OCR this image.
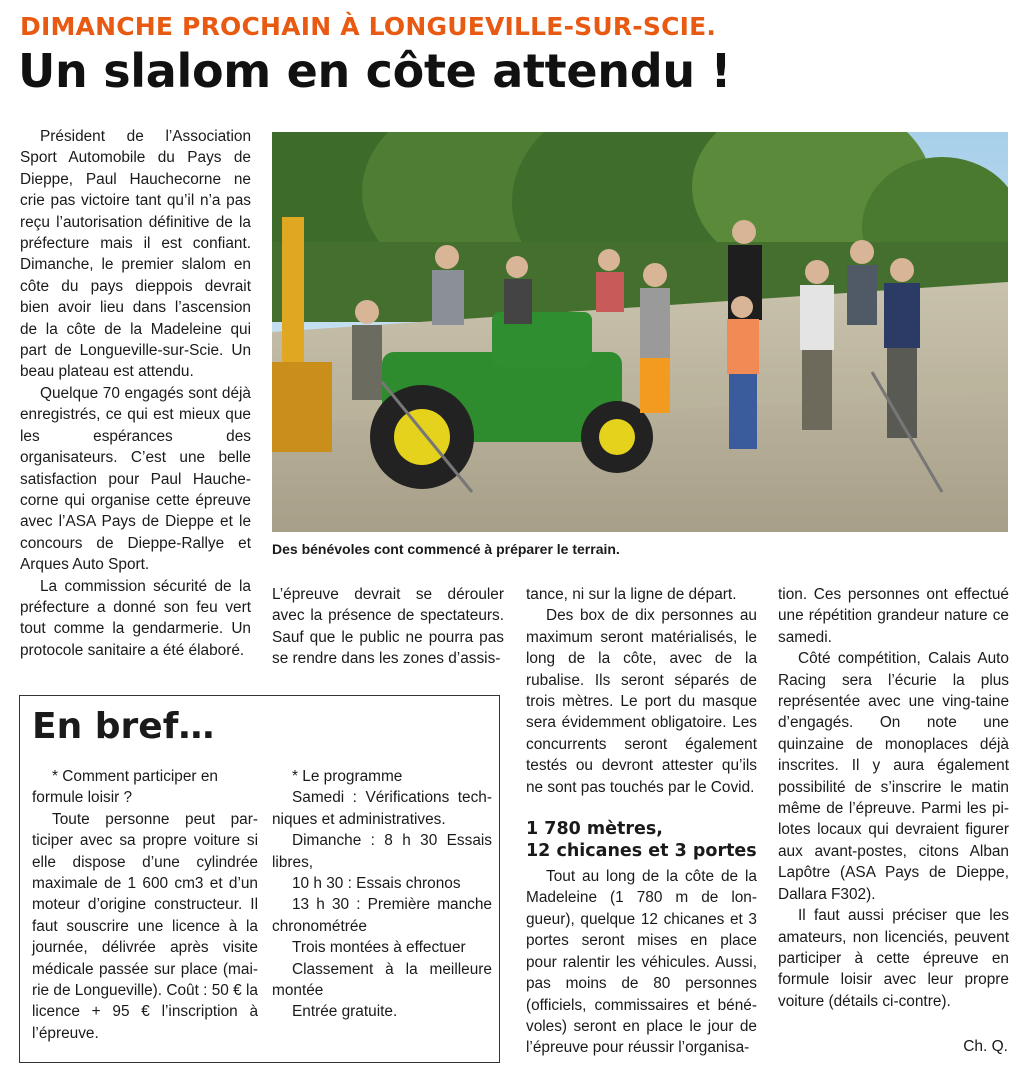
DIMANCHE PROCHAIN À LONGUEVILLE-SUR-SCIE.
Un slalom en côte attendu !

Président de l’Association Sport Automobile du Pays de Dieppe, Paul Hauchecorne ne crie pas victoire tant qu’il n’a pas reçu l’autorisation définitive de la préfecture mais il est confiant. Dimanche, le premier slalom en côte du pays dieppois devrait bien avoir lieu dans l’ascension de la côte de la Madeleine qui part de Longueville-sur-Scie. Un beau plateau est attendu.

Quelque 70 engagés sont déjà enregistrés, ce qui est mieux que les espérances des organisateurs. C’est une belle satisfaction pour Paul Hauche-corne qui organise cette épreuve avec l’ASA Pays de Dieppe et le concours de Dieppe-Rallye et Arques Auto Sport.

La commission sécurité de la préfecture a donné son feu vert tout comme la gendarmerie. Un protocole sanitaire a été élaboré.

Des bénévoles cont commencé à préparer le terrain.

L’épreuve devrait se dérouler avec la présence de spectateurs. Sauf que le public ne pourra pas se rendre dans les zones d’assis-

tance, ni sur la ligne de départ.

Des box de dix personnes au maximum seront matérialisés, le long de la côte, avec de la rubalise. Ils seront séparés de trois mètres. Le port du masque sera évidemment obligatoire. Les concurrents seront également testés ou devront attester qu’ils ne sont pas touchés par le Covid.

1 780 mètres,
12 chicanes et 3 portes

Tout au long de la côte de la Madeleine (1 780 m de lon-gueur), quelque 12 chicanes et 3 portes seront mises en place pour ralentir les véhicules. Aussi, pas moins de 80 personnes (officiels, commissaires et béné-voles) seront en place le jour de l’épreuve pour réussir l’organisa-

tion. Ces personnes ont effectué une répétition grandeur nature ce samedi.

Côté compétition, Calais Auto Racing sera l’écurie la plus représentée avec une ving-taine d’engagés. On note une quinzaine de monoplaces déjà inscrites. Il y aura également possibilité de s’inscrire le matin même de l’épreuve. Parmi les pi-lotes locaux qui devraient figurer aux avant-postes, citons Alban Lapôtre (ASA Pays de Dieppe, Dallara F302).

Il faut aussi préciser que les amateurs, non licenciés, peuvent participer à cette épreuve en formule loisir avec leur propre voiture (détails ci-contre).

Ch. Q.
En bref…

* Comment participer en formule loisir ?

Toute personne peut par-ticiper avec sa propre voiture si elle dispose d’une cylindrée maximale de 1 600 cm3 et d’un moteur d’origine constructeur. Il faut souscrire une licence à la journée, délivrée après visite médicale passée sur place (mai-rie de Longueville). Coût : 50 € la licence + 95 € l’inscription à l’épreuve.

* Le programme

Samedi : Vérifications tech-niques et administratives.

Dimanche : 8 h 30 Essais libres,

10 h 30 : Essais chronos

13 h 30 : Première manche chronométrée

Trois montées à effectuer

Classement à la meilleure montée

Entrée gratuite.
